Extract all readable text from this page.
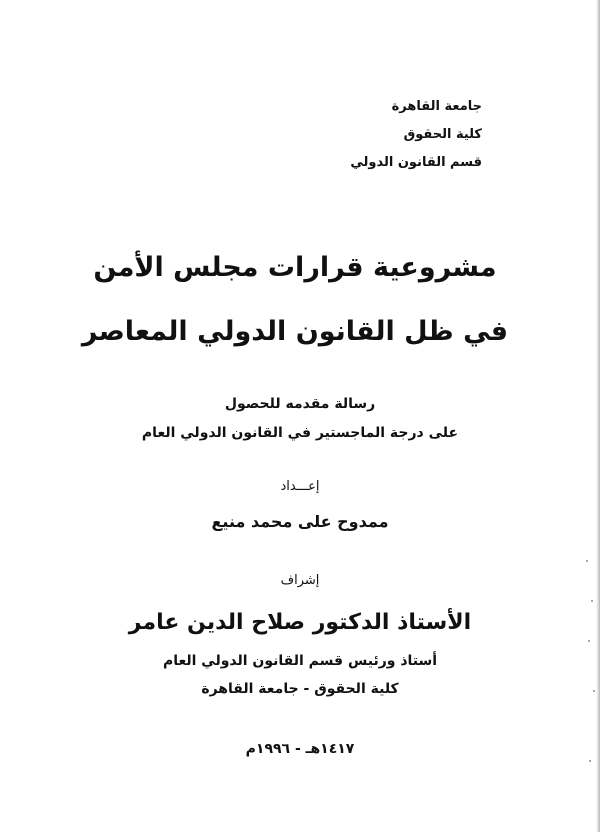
جامعة القاهرة
كلية الحقوق
قسم القانون الدولي
مشروعية قرارات مجلس الأمن
في ظل القانون الدولي المعاصر
رسالة مقدمه للحصول
على درجة الماجستير في القانون الدولي العام
إعـــداد
ممدوح على محمد منيع
إشراف
الأستاذ الدكتور صلاح الدين عامر
أستاذ ورئيس قسم القانون الدولي العام
كلية الحقوق - جامعة القاهرة
١٤١٧هـ - ١٩٩٦م
